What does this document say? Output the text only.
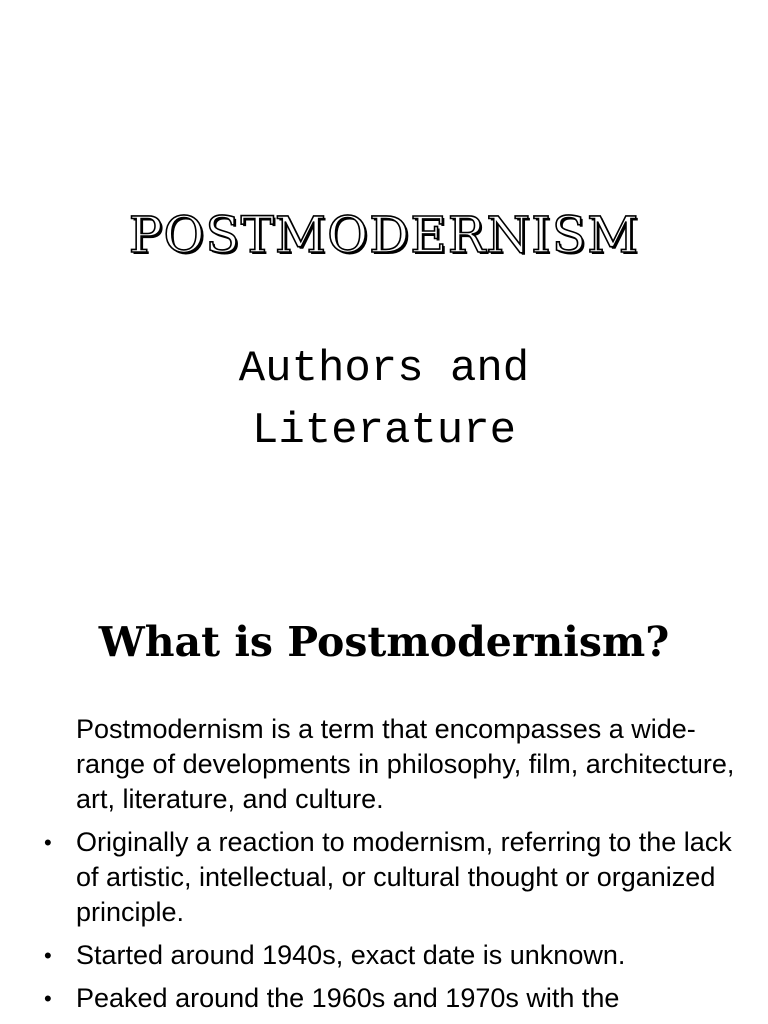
POSTMODERNISM
Authors and
Literature
What is Postmodernism?

Postmodernism is a term that encompasses a wide-range of developments in philosophy, film, architecture, art, literature, and culture.

• Originally a reaction to modernism, referring to the lack of artistic, intellectual, or cultural thought or organized principle.
• Started around 1940s, exact date is unknown.
• Peaked around the 1960s and 1970s with the
